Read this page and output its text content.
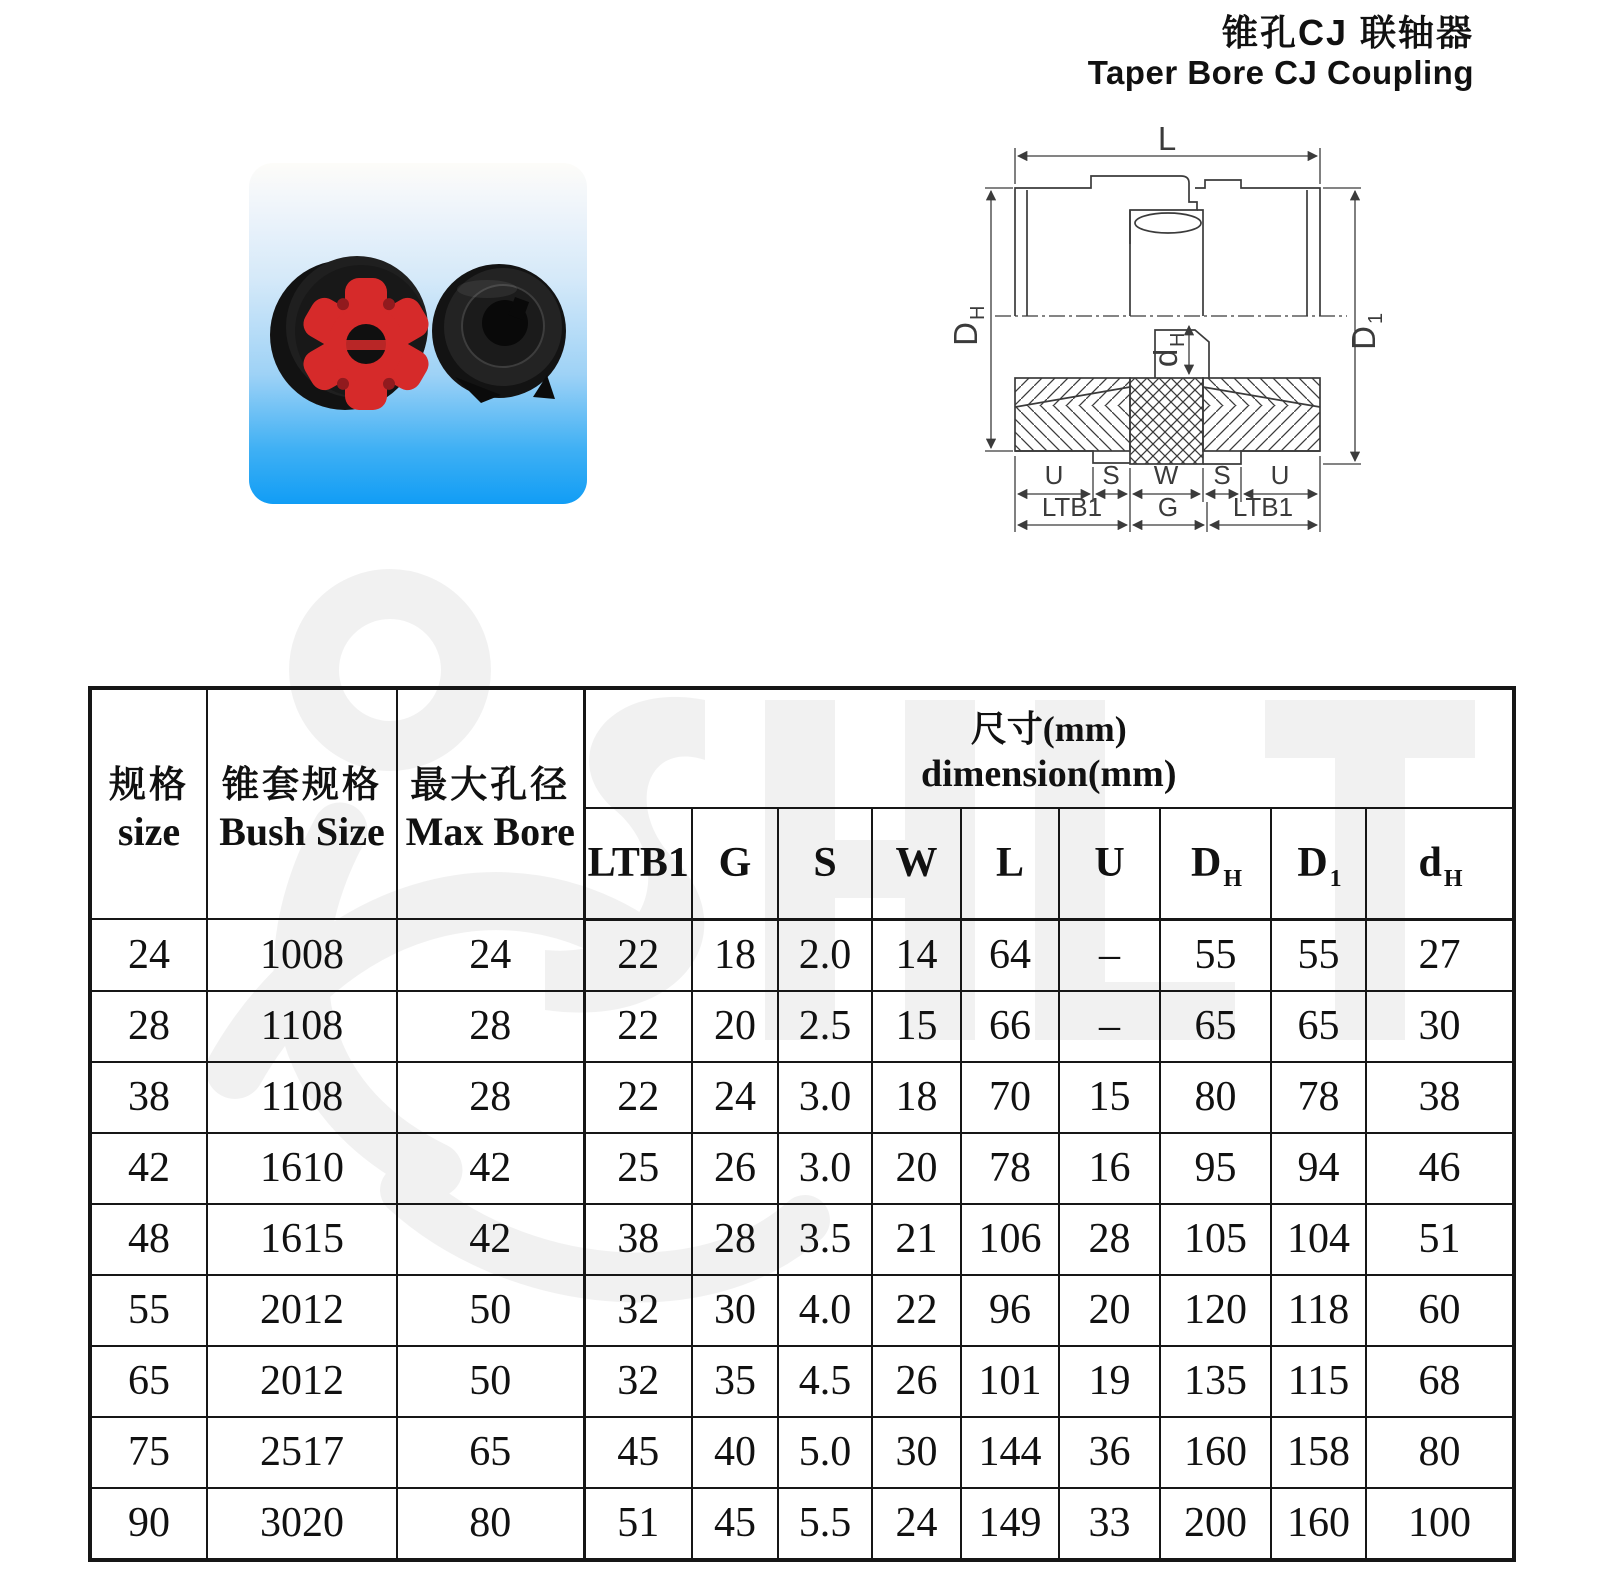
锥孔CJ 联轴器
Taper Bore CJ Coupling
L
D
H
D
1
d
H
U S W S U
LTB1 G LTB1
规格
size

锥套规格
Bush Size

最大孔径
Max Bore

尺寸(mm)
dimension(mm)

			LTB1	G	S	W	L	U	$D_H$	$D_1$	$d_H$
24	1008	24	22	18	2.0	14	64	–	55	55	27
28	1108	28	22	20	2.5	15	66	–	65	65	30
38	1108	28	22	24	3.0	18	70	15	80	78	38
42	1610	42	25	26	3.0	20	78	16	95	94	46
48	1615	42	38	28	3.5	21	106	28	105	104	51
55	2012	50	32	30	4.0	22	96	20	120	118	60
65	2012	50	32	35	4.5	26	101	19	135	115	68
75	2517	65	45	40	5.0	30	144	36	160	158	80
90	3020	80	51	45	5.5	24	149	33	200	160	100
